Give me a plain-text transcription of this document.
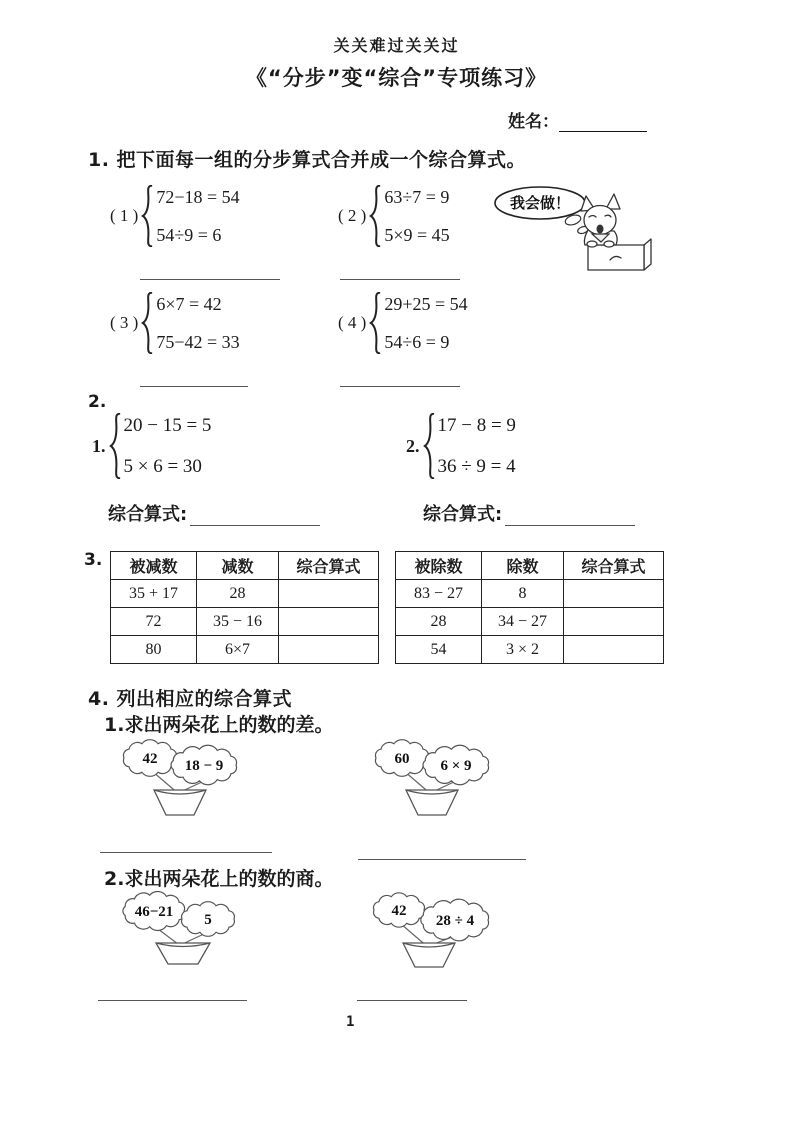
关关难过关关过
《“分步”变“综合”专项练习》
姓名：
1. 把下面每一组的分步算式合并成一个综合算式。
( 1 )
72−18 = 54
54÷9 = 6
( 2 )
63÷7 = 9
5×9 = 45
我会做！
( 3 )
6×7 = 42
75−42 = 33
( 4 )
29+25 = 54
54÷6 = 9
2.
1.
20 − 15 = 5
5 × 6 = 30
2.
17 − 8 = 9
36 ÷ 9 = 4
综合算式:	综合算式:
3. 被减数	减数	综合算式
35 + 17	28	
72	35 − 16	
80	6×7	
被除数	除数	综合算式
83 − 27	8	
28	34 − 27	
54	3 × 2	
4. 列出相应的综合算式
1.求出两朵花上的数的差。
42 18 − 9	60 6 × 9
2.求出两朵花上的数的商。
46−21 5
42
28 ÷ 4
1
